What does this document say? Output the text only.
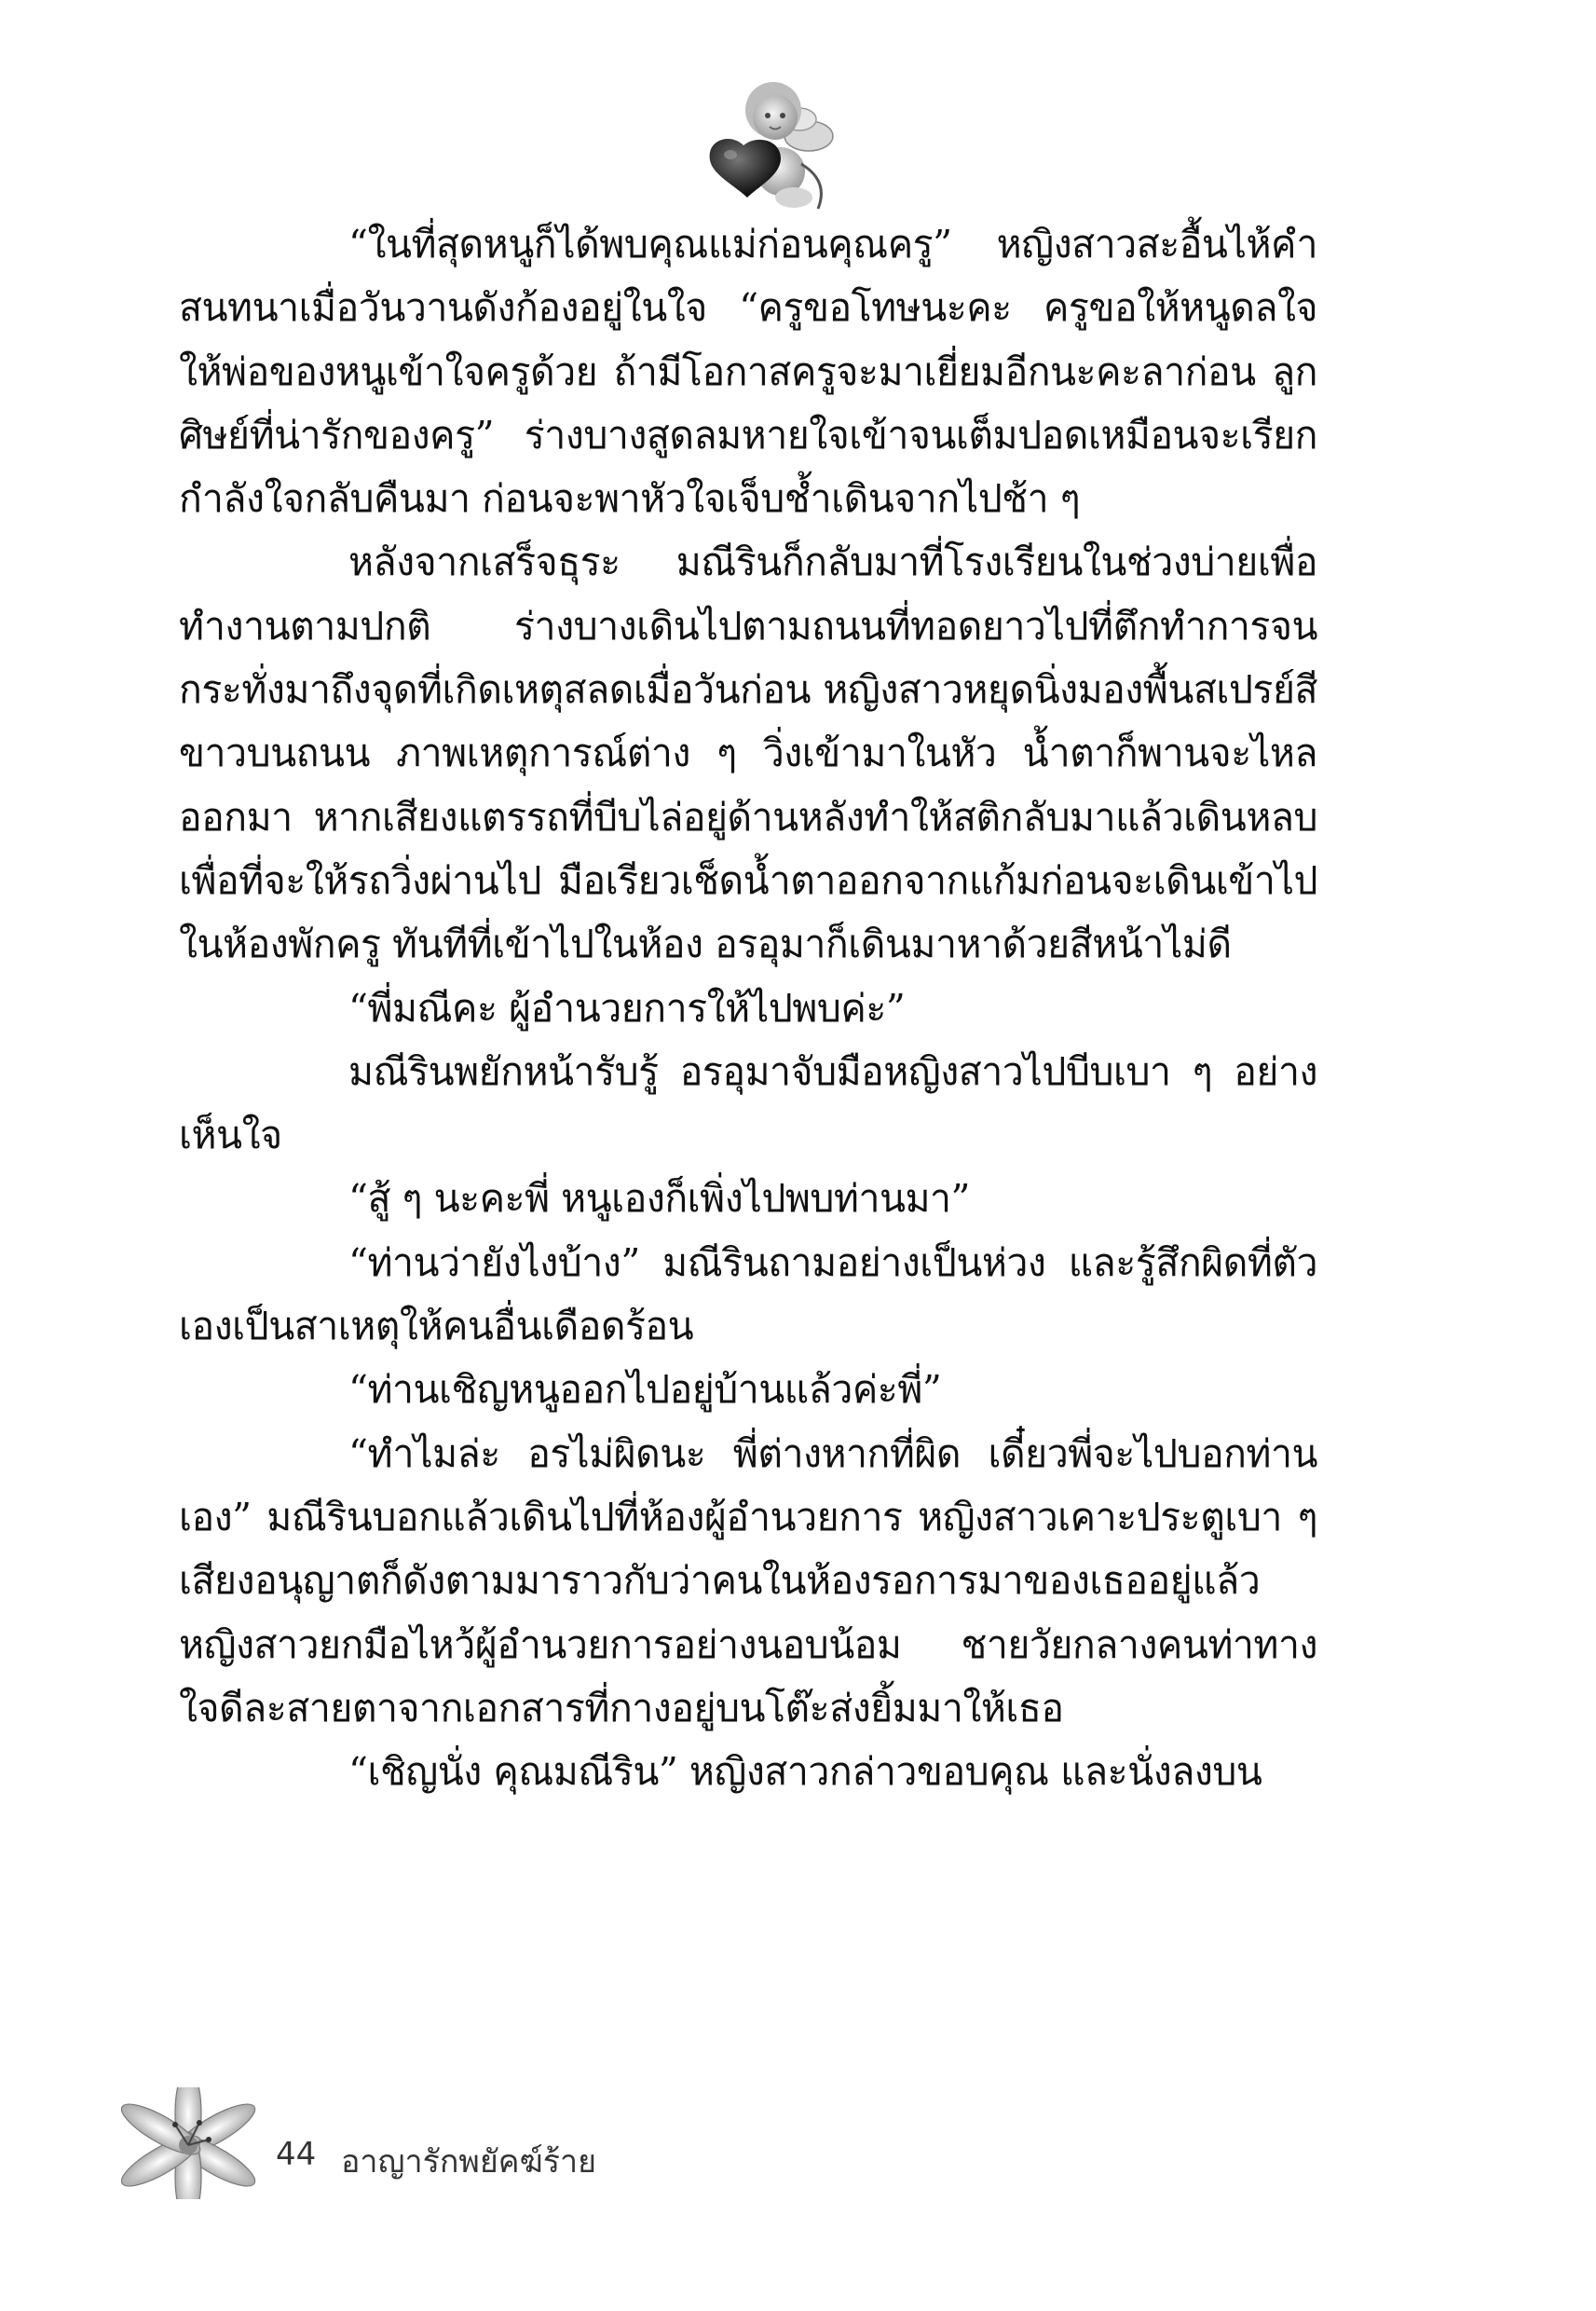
“ในที่สุดหนูก็ได้พบคุณแม่ก่อนคุณครู” หญิงสาวสะอื้นไห้คำสนทนาเมื่อวันวานดังก้องอยู่ในใจ “ครูขอโทษนะคะ ครูขอให้หนูดลใจให้พ่อของหนูเข้าใจครูด้วย ถ้ามีโอกาสครูจะมาเยี่ยมอีกนะคะลาก่อน ลูกศิษย์ที่น่ารักของครู” ร่างบางสูดลมหายใจเข้าจนเต็มปอดเหมือนจะเรียกกำลังใจกลับคืนมา ก่อนจะพาหัวใจเจ็บช้ำเดินจากไปช้า ๆ

หลังจากเสร็จธุระ มณีรินก็กลับมาที่โรงเรียนในช่วงบ่ายเพื่อทำงานตามปกติ ร่างบางเดินไปตามถนนที่ทอดยาวไปที่ตึกทำการจนกระทั่งมาถึงจุดที่เกิดเหตุสลดเมื่อวันก่อน หญิงสาวหยุดนิ่งมองพื้นสเปรย์สีขาวบนถนน ภาพเหตุการณ์ต่าง ๆ วิ่งเข้ามาในหัว น้ำตาก็พานจะไหลออกมา หากเสียงแตรรถที่บีบไล่อยู่ด้านหลังทำให้สติกลับมาแล้วเดินหลบเพื่อที่จะให้รถวิ่งผ่านไป มือเรียวเช็ดน้ำตาออกจากแก้มก่อนจะเดินเข้าไปในห้องพักครู ทันทีที่เข้าไปในห้อง อรอุมาก็เดินมาหาด้วยสีหน้าไม่ดี

“พี่มณีคะ ผู้อำนวยการให้ไปพบค่ะ”

มณีรินพยักหน้ารับรู้ อรอุมาจับมือหญิงสาวไปบีบเบา ๆ อย่างเห็นใจ

“สู้ ๆ นะคะพี่ หนูเองก็เพิ่งไปพบท่านมา”

“ท่านว่ายังไงบ้าง” มณีรินถามอย่างเป็นห่วง และรู้สึกผิดที่ตัวเองเป็นสาเหตุให้คนอื่นเดือดร้อน

“ท่านเชิญหนูออกไปอยู่บ้านแล้วค่ะพี่”

“ทำไมล่ะ อรไม่ผิดนะ พี่ต่างหากที่ผิด เดี๋ยวพี่จะไปบอกท่านเอง” มณีรินบอกแล้วเดินไปที่ห้องผู้อำนวยการ หญิงสาวเคาะประตูเบา ๆ เสียงอนุญาตก็ดังตามมาราวกับว่าคนในห้องรอการมาของเธออยู่แล้ว หญิงสาวยกมือไหว้ผู้อำนวยการอย่างนอบน้อม ชายวัยกลางคนท่าทางใจดีละสายตาจากเอกสารที่กางอยู่บนโต๊ะส่งยิ้มมาให้เธอ

“เชิญนั่ง คุณมณีริน” หญิงสาวกล่าวขอบคุณ และนั่งลงบน

44 อาญารักพยัคฆ์ร้าย
